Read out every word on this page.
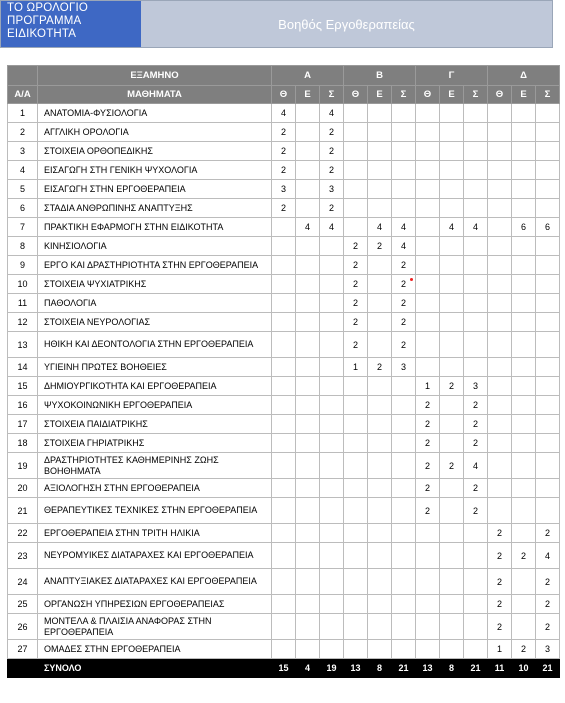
ΤΟ ΩΡΟΛΟΓΙΟ
ΠΡΟΓΡΑΜΜΑ
ΕΙΔΙΚΟΤΗΤΑ
Βοηθός Εργοθεραπείας
	ΕΞΑΜΗΝΟ	Α			Β			Γ			Δ		
Α/Α	ΜΑΘΗΜΑΤΑ	Θ	Ε	Σ	Θ	Ε	Σ	Θ	Ε	Σ	Θ	Ε	Σ
1	ΑΝΑΤΟΜΙΑ-ΦΥΣΙΟΛΟΓΙΑ	4		4									
2	ΑΓΓΛΙΚΗ ΟΡΟΛΟΓΙΑ	2		2									
3	ΣΤΟΙΧΕΙΑ ΟΡΘΟΠΕΔΙΚΗΣ	2		2									
4	ΕΙΣΑΓΩΓΗ ΣΤΗ ΓΕΝΙΚΗ ΨΥΧΟΛΟΓΙΑ	2		2									
5	ΕΙΣΑΓΩΓΗ ΣΤΗΝ ΕΡΓΟΘΕΡΑΠΕΙΑ	3		3									
6	ΣΤΑΔΙΑ ΑΝΘΡΩΠΙΝΗΣ ΑΝΑΠΤΥΞΗΣ	2		2									
7	ΠΡΑΚΤΙΚΗ ΕΦΑΡΜΟΓΗ ΣΤΗΝ ΕΙΔΙΚΟΤΗΤΑ		4	4		4	4		4	4		6	6
8	ΚΙΝΗΣΙΟΛΟΓΙΑ				2	2	4						
9	ΕΡΓΟ ΚΑΙ ΔΡΑΣΤΗΡΙΟΤΗΤΑ ΣΤΗΝ ΕΡΓΟΘΕΡΑΠΕΙΑ				2		2						
10	ΣΤΟΙΧΕΙΑ ΨΥΧΙΑΤΡΙΚΗΣ				2		2						
11	ΠΑΘΟΛΟΓΙΑ				2		2						
12	ΣΤΟΙΧΕΙΑ ΝΕΥΡΟΛΟΓΙΑΣ				2		2						
13	ΗΘΙΚΗ ΚΑΙ ΔΕΟΝΤΟΛΟΓΙΑ ΣΤΗΝ ΕΡΓΟΘΕΡΑΠΕΙΑ				2		2						
14	ΥΓΙΕΙΝΗ ΠΡΩΤΕΣ ΒΟΗΘΕΙΕΣ				1	2	3						
15	ΔΗΜΙΟΥΡΓΙΚΟΤΗΤΑ ΚΑΙ ΕΡΓΟΘΕΡΑΠΕΙΑ							1	2	3			
16	ΨΥΧΟΚΟΙΝΩΝΙΚΗ ΕΡΓΟΘΕΡΑΠΕΙΑ							2		2			
17	ΣΤΟΙΧΕΙΑ ΠΑΙΔΙΑΤΡΙΚΗΣ							2		2			
18	ΣΤΟΙΧΕΙΑ ΓΗΡΙΑΤΡΙΚΗΣ							2		2			
19	ΔΡΑΣΤΗΡΙΟΤΗΤΕΣ ΚΑΘΗΜΕΡΙΝΗΣ ΖΩΗΣ ΒΟΗΘΗΜΑΤΑ							2	2	4			
20	ΑΞΙΟΛΟΓΗΣΗ ΣΤΗΝ ΕΡΓΟΘΕΡΑΠΕΙΑ							2		2			
21	ΘΕΡΑΠΕΥΤΙΚΕΣ ΤΕΧΝΙΚΕΣ ΣΤΗΝ ΕΡΓΟΘΕΡΑΠΕΙΑ							2		2			
22	ΕΡΓΟΘΕΡΑΠΕΙΑ ΣΤΗΝ ΤΡΙΤΗ ΗΛΙΚΙΑ										2		2
23	ΝΕΥΡΟΜΥΙΚΕΣ ΔΙΑΤΑΡΑΧΕΣ ΚΑΙ ΕΡΓΟΘΕΡΑΠΕΙΑ										2	2	4
24	ΑΝΑΠΤΥΞΙΑΚΕΣ ΔΙΑΤΑΡΑΧΕΣ ΚΑΙ ΕΡΓΟΘΕΡΑΠΕΙΑ										2		2
25	ΟΡΓΑΝΩΣΗ ΥΠΗΡΕΣΙΩΝ ΕΡΓΟΘΕΡΑΠΕΙΑΣ										2		2
26	ΜΟΝΤΕΛΑ & ΠΛΑΙΣΙΑ ΑΝΑΦΟΡΑΣ ΣΤΗΝ ΕΡΓΟΘΕΡΑΠΕΙΑ										2		2
27	ΟΜΑΔΕΣ ΣΤΗΝ ΕΡΓΟΘΕΡΑΠΕΙΑ										1	2	3
	ΣΥΝΟΛΟ	15	4	19	13	8	21	13	8	21	11	10	21
